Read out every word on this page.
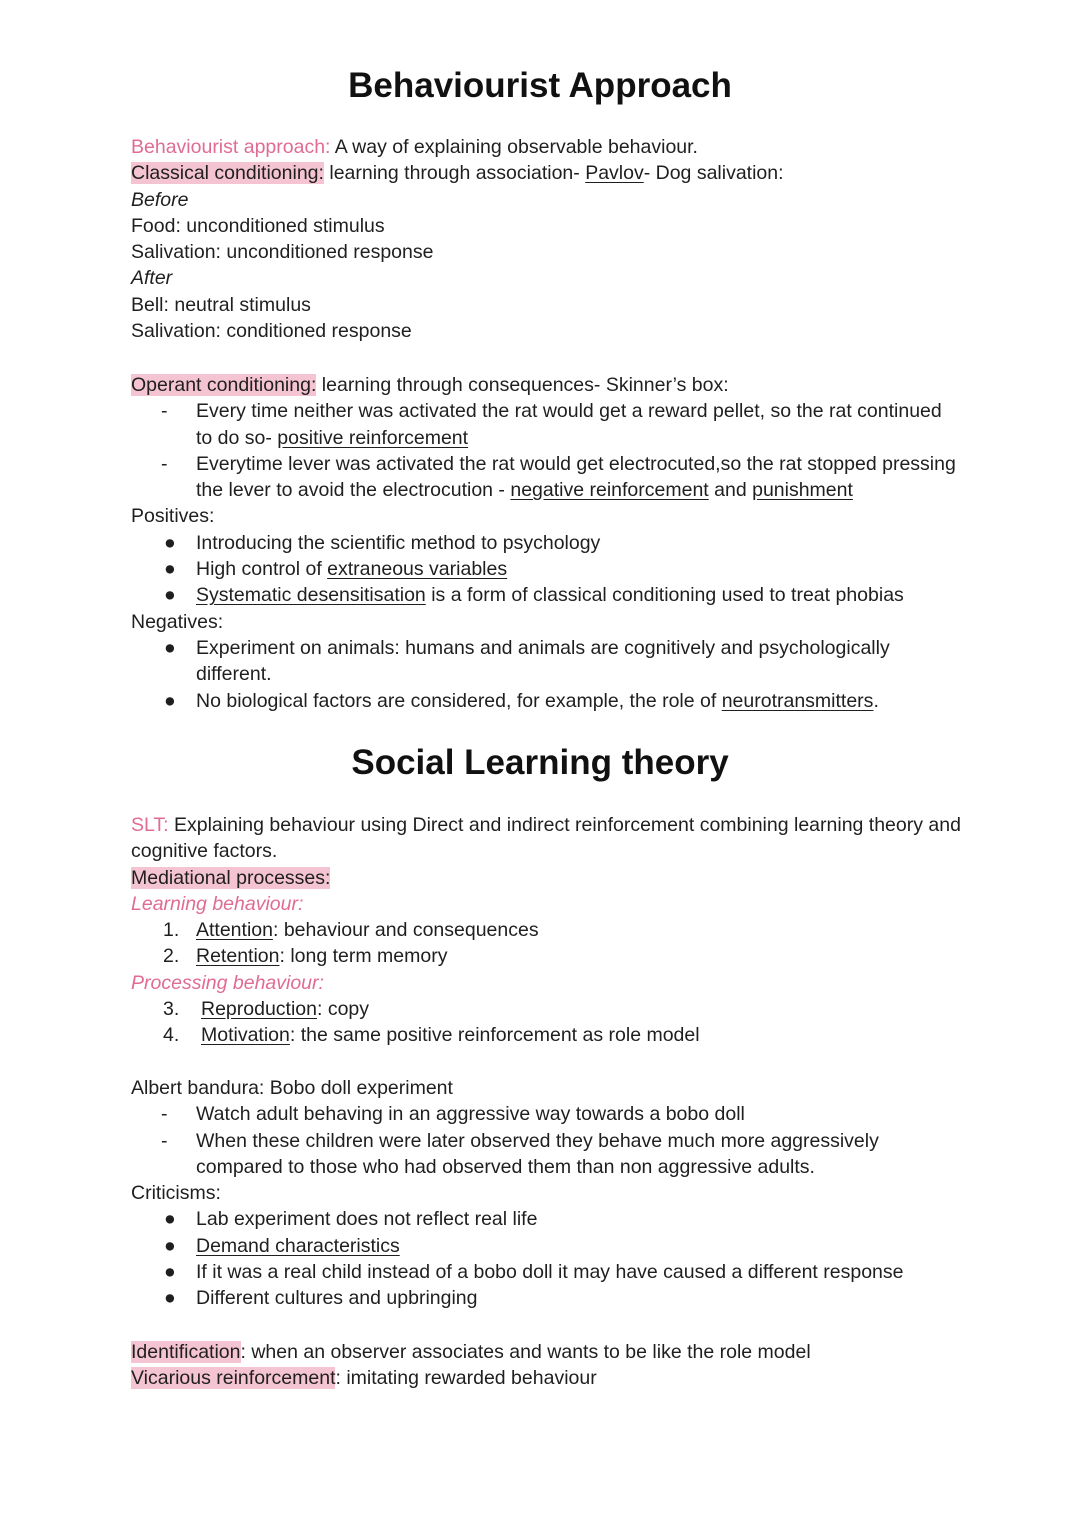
Behaviourist Approach

Behaviourist approach: A way of explaining observable behaviour.

Classical conditioning: learning through association- Pavlov- Dog salivation:

Before

Food: unconditioned stimulus

Salivation: unconditioned response

After

Bell: neutral stimulus

Salivation: conditioned response

Operant conditioning: learning through consequences- Skinner’s box:

- Every time neither was activated the rat would get a reward pellet, so the rat continued to do so- positive reinforcement
- Everytime lever was activated the rat would get electrocuted,so the rat stopped pressing the lever to avoid the electrocution - negative reinforcement and punishment

Positives:

● Introducing the scientific method to psychology
● High control of extraneous variables
● Systematic desensitisation is a form of classical conditioning used to treat phobias

Negatives:

● Experiment on animals: humans and animals are cognitively and psychologically different.
● No biological factors are considered, for example, the role of neurotransmitters.
Social Learning theory

SLT: Explaining behaviour using Direct and indirect reinforcement combining learning theory and cognitive factors.

Mediational processes:

Learning behaviour:

1. Attention: behaviour and consequences
2. Retention: long term memory

Processing behaviour:

3. Reproduction: copy
4. Motivation: the same positive reinforcement as role model

Albert bandura: Bobo doll experiment

- Watch adult behaving in an aggressive way towards a bobo doll
- When these children were later observed they behave much more aggressively compared to those who had observed them than non aggressive adults.

Criticisms:

● Lab experiment does not reflect real life
● Demand characteristics
● If it was a real child instead of a bobo doll it may have caused a different response
● Different cultures and upbringing

Identification: when an observer associates and wants to be like the role model

Vicarious reinforcement: imitating rewarded behaviour
